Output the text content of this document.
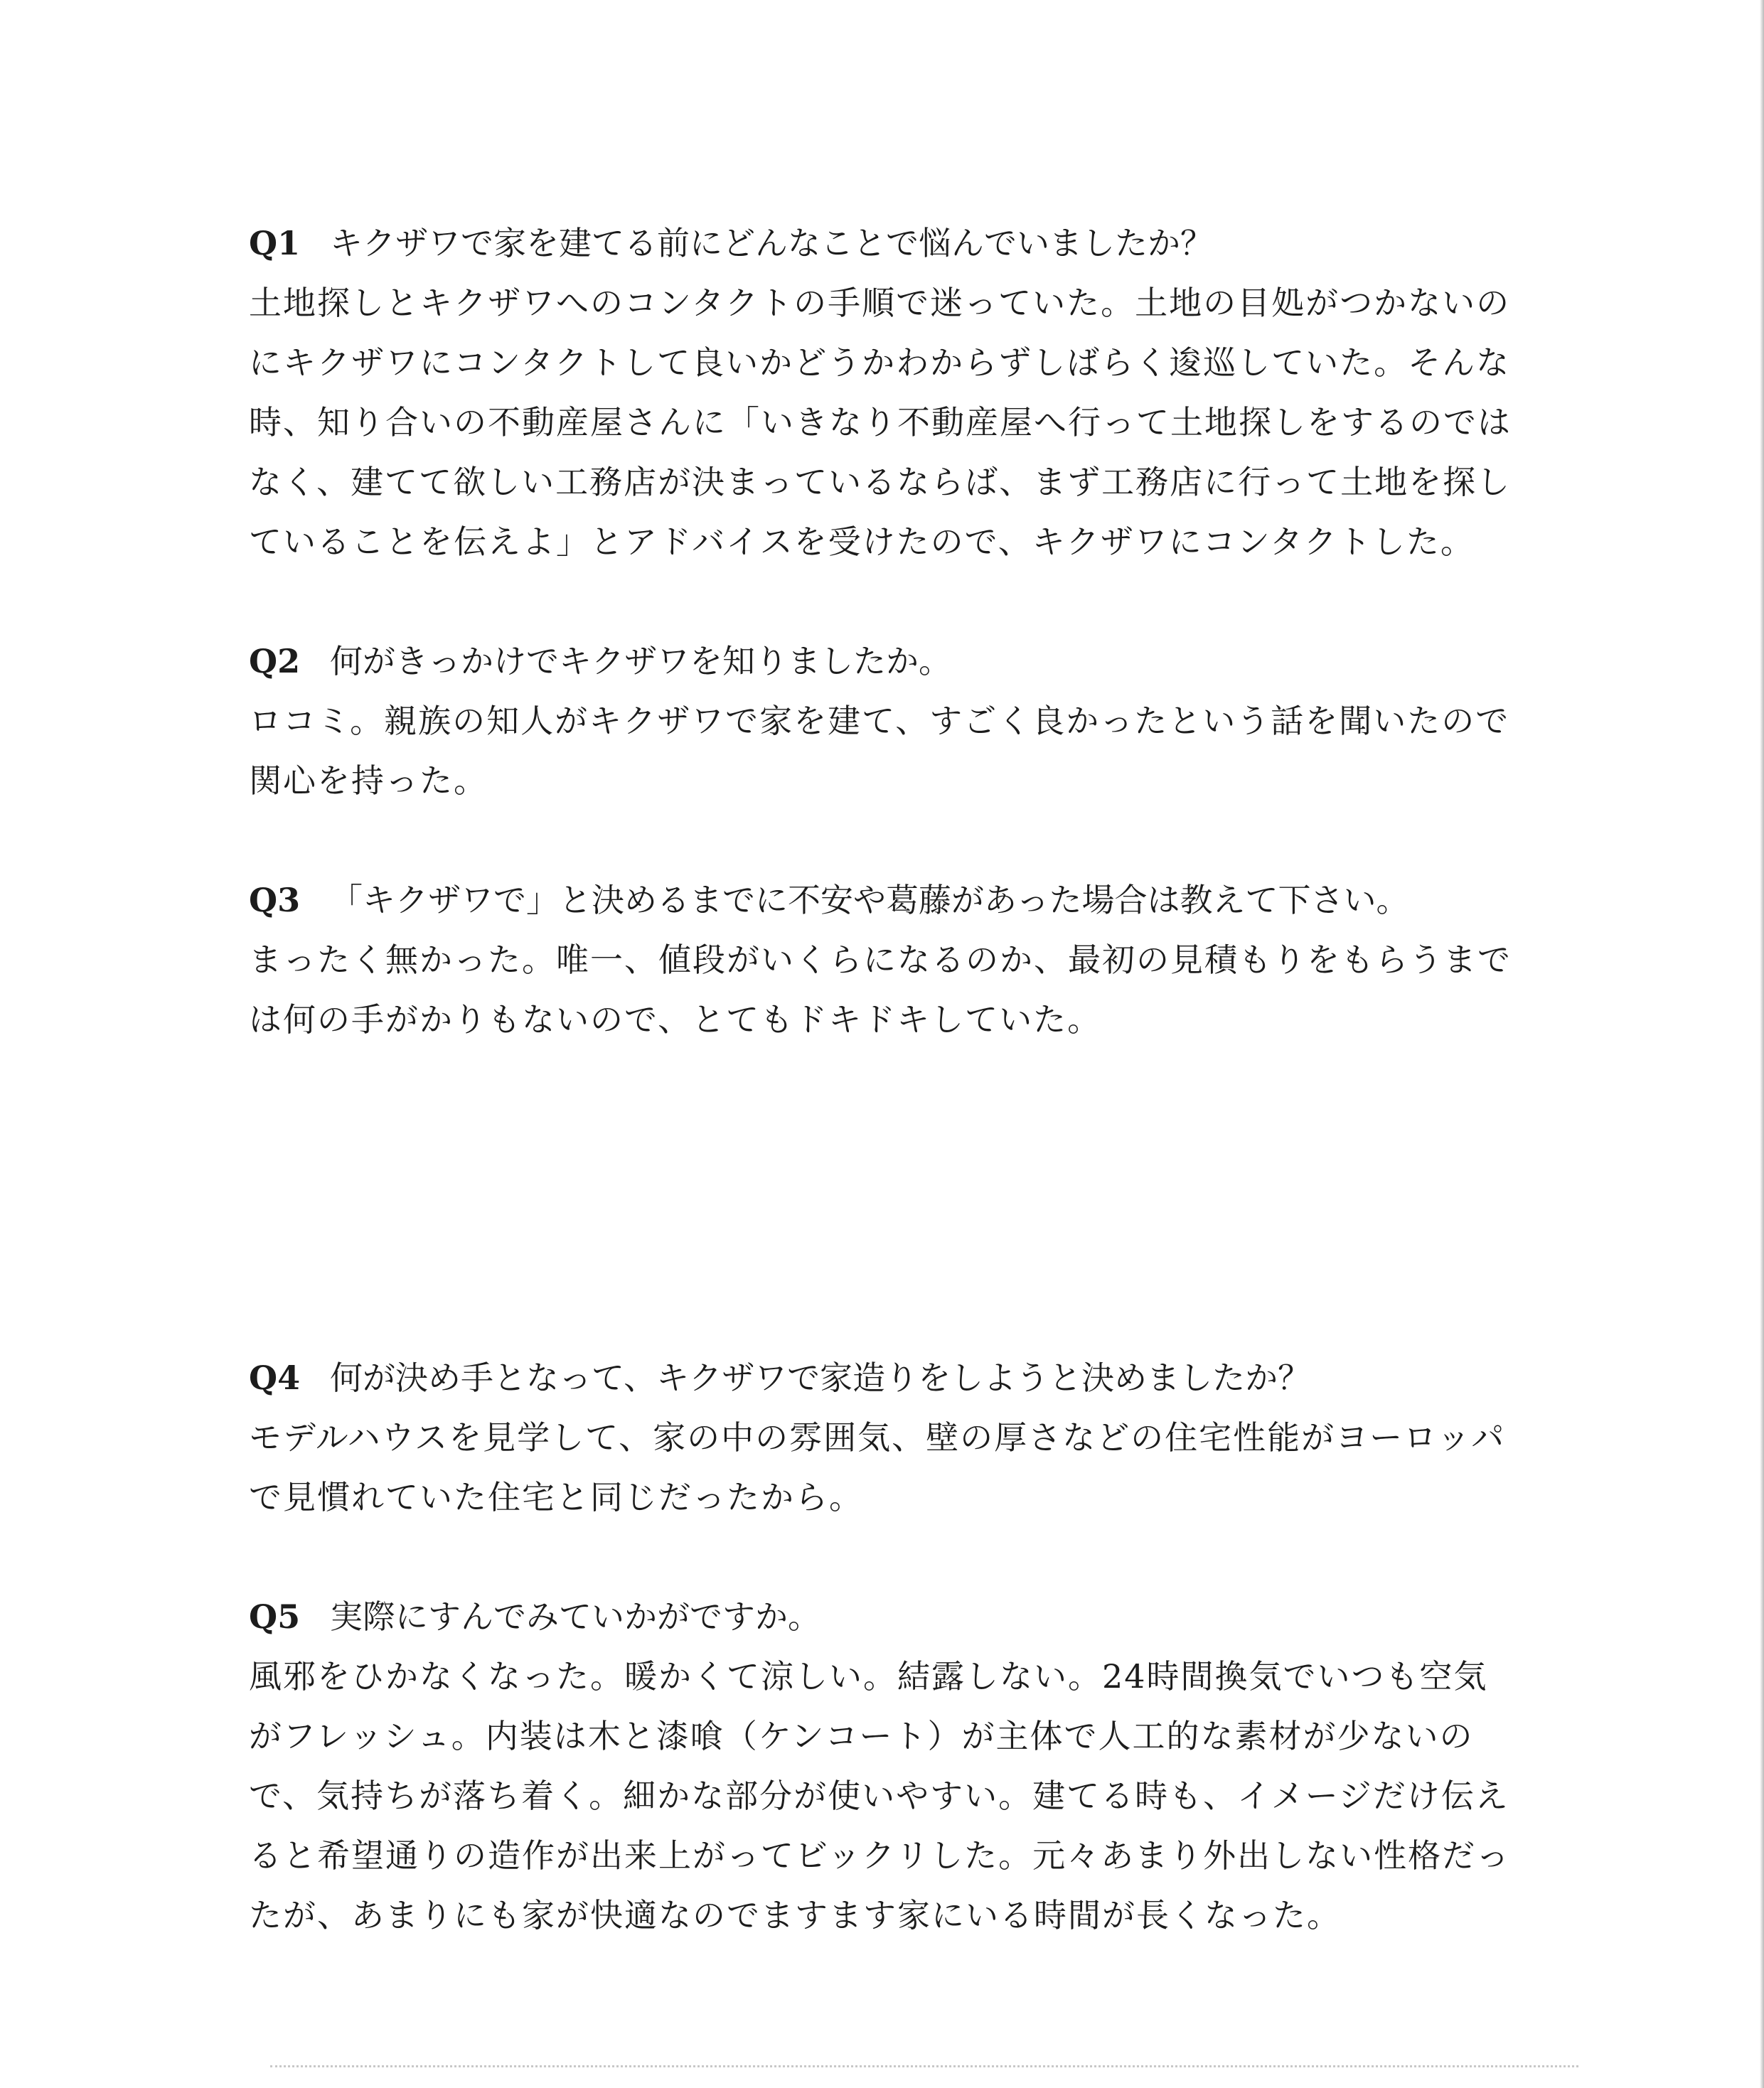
Q1 キクザワで家を建てる前にどんなことで悩んでいましたか？

土地探しとキクザワへのコンタクトの手順で迷っていた。土地の目処がつかないのにキクザワにコンタクトして良いかどうかわからずしばらく逡巡していた。そんな時、知り合いの不動産屋さんに「いきなり不動産屋へ行って土地探しをするのではなく、建てて欲しい工務店が決まっているならば、まず工務店に行って土地を探していることを伝えよ」とアドバイスを受けたので、キクザワにコンタクトした。

Q2 何がきっかけでキクザワを知りましたか。

ロコミ。親族の知人がキクザワで家を建て、すごく良かったという話を聞いたので関心を持った。

Q3 「キクザワで」と決めるまでに不安や葛藤があった場合は教えて下さい。

まったく無かった。唯一、値段がいくらになるのか、最初の見積もりをもらうまでは何の手がかりもないので、とてもドキドキしていた。

Q4 何が決め手となって、キクザワで家造りをしようと決めましたか？

モデルハウスを見学して、家の中の雰囲気、壁の厚さなどの住宅性能がヨーロッパで見慣れていた住宅と同じだったから。

Q5 実際にすんでみていかがですか。

風邪をひかなくなった。暖かくて涼しい。結露しない。24時間換気でいつも空気がフレッシュ。内装は木と漆喰（ケンコート）が主体で人工的な素材が少ないので、気持ちが落ち着く。細かな部分が使いやすい。建てる時も、イメージだけ伝えると希望通りの造作が出来上がってビックリした。元々あまり外出しない性格だったが、あまりにも家が快適なのでますます家にいる時間が長くなった。
